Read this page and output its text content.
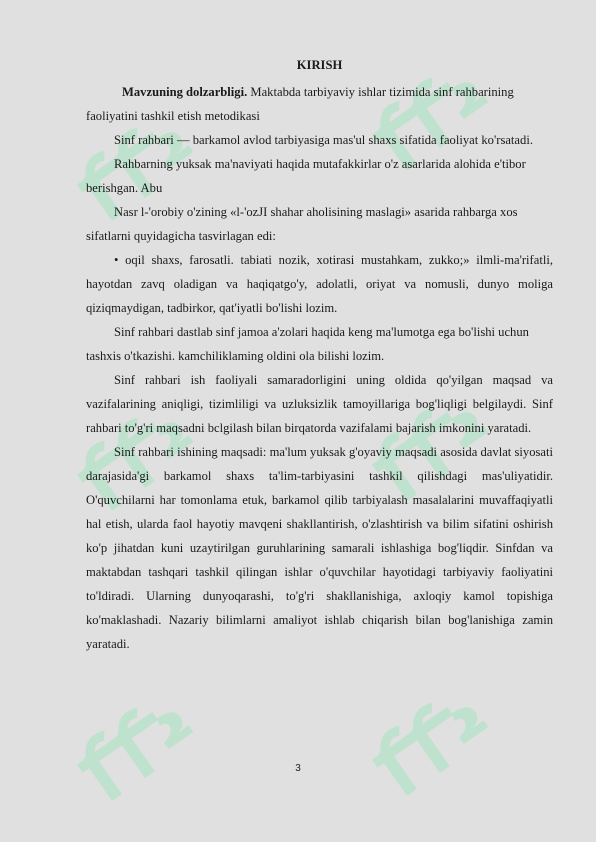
KIRISH

Mavzuning dolzarbligi. Maktabda tarbiyaviy ishlar tizimida sinf rahbarining faoliyatini tashkil etish metodikasi

Sinf rahbari — barkamol avlod tarbiyasiga mas'ul shaxs sifatida faoliyat ko'rsatadi.

Rahbarning yuksak ma'naviyati haqida mutafakkirlar o'z asarlarida alohida e'tibor berishgan. Abu

Nasr l-'orobiy o'zining «l-'ozJI shahar aholisining maslagi» asarida rahbarga xos sifatlarni quyidagicha tasvirlagan edi:

• oqil shaxs, farosatli. tabiati nozik, xotirasi mustahkam, zukko;» ilmli-ma'rifatli, hayotdan zavq oladigan va haqiqatgo'y, adolatli, oriyat va nomusli, dunyo moliga qiziqmaydigan, tadbirkor, qat'iyatli bo'lishi lozim.

Sinf rahbari dastlab sinf jamoa a'zolari haqida keng ma'lumotga ega bo'lishi uchun tashxis o'tkazishi. kamchiliklaming oldini ola bilishi lozim.

Sinf rahbari ish faoliyali samaradorligini uning oldida qo'yilgan maqsad va vazifalarining aniqligi, tizimliligi va uzluksizlik tamoyillariga bog'liqligi belgilaydi. Sinf rahbari to'g'ri maqsadni bclgilash bilan birqatorda vazifalami bajarish imkonini yaratadi.

Sinf rahbari ishining maqsadi: ma'lum yuksak g'oyaviy maqsadi asosida davlat siyosati darajasida'gi barkamol shaxs ta'lim-tarbiyasini tashkil qilishdagi mas'uliyatidir. O'quvchilarni har tomonlama etuk, barkamol qilib tarbiyalash masalalarini muvaffaqiyatli hal etish, ularda faol hayotiy mavqeni shakllantirish, o'zlashtirish va bilim sifatini oshirish ko'p jihatdan kuni uzaytirilgan guruhlarining samarali ishlashiga bog'liqdir. Sinfdan va maktabdan tashqari tashkil qilingan ishlar o'quvchilar hayotidagi tarbiyaviy faoliyatini to'ldiradi. Ularning dunyoqarashi, to'g'ri shakllanishiga, axloqiy kamol topishiga ko'maklashadi. Nazariy bilimlarni amaliyot ishlab chiqarish bilan bog'lanishiga zamin yaratadi.

3
